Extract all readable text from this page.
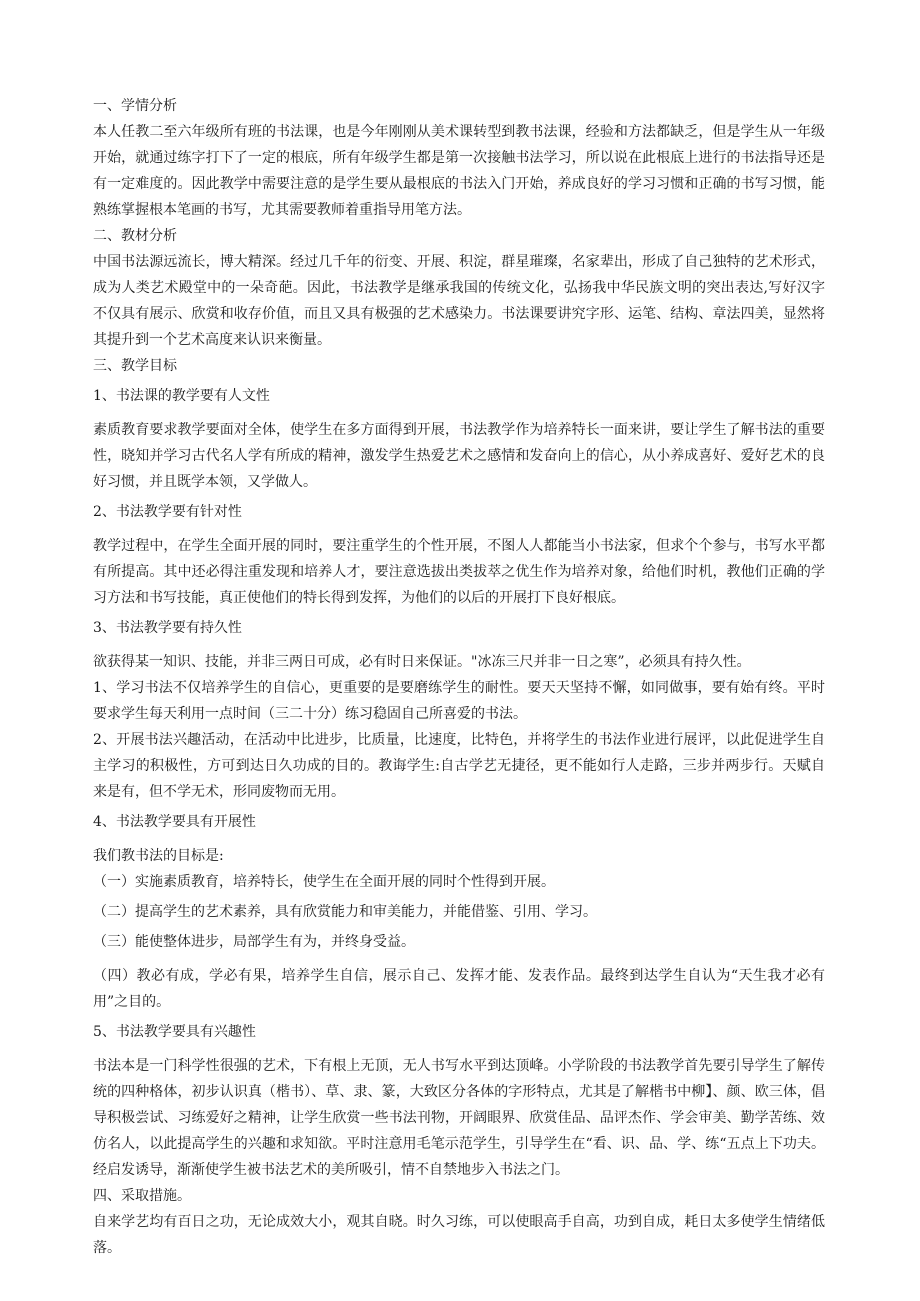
一、学情分析

本人任教二至六年级所有班的书法课，也是今年刚刚从美术课转型到教书法课，经验和方法都缺乏，但是学生从一年级开始，就通过练字打下了一定的根底，所有年级学生都是第一次接触书法学习，所以说在此根底上进行的书法指导还是有一定难度的。因此教学中需要注意的是学生要从最根底的书法入门开始，养成良好的学习习惯和正确的书写习惯，能熟练掌握根本笔画的书写，尤其需要教师着重指导用笔方法。

二、教材分析

中国书法源远流长，博大精深。经过几千年的衍变、开展、积淀，群星璀璨，名家辈出，形成了自己独特的艺术形式，成为人类艺术殿堂中的一朵奇葩。因此，书法教学是继承我国的传统文化，弘扬我中华民族文明的突出表达,写好汉字不仅具有展示、欣赏和收存价值，而且又具有极强的艺术感染力。书法课要讲究字形、运笔、结构、章法四美，显然将其提升到一个艺术高度来认识来衡量。

三、教学目标

1、书法课的教学要有人文性

素质教育要求教学要面对全体，使学生在多方面得到开展，书法教学作为培养特长一面来讲，要让学生了解书法的重要性，晓知并学习古代名人学有所成的精神，激发学生热爱艺术之感情和发奋向上的信心，从小养成喜好、爱好艺术的良好习惯，并且既学本领，又学做人。

2、书法教学要有针对性

教学过程中，在学生全面开展的同时，要注重学生的个性开展，不图人人都能当小书法家，但求个个参与，书写水平都有所提高。其中还必得注重发现和培养人才，要注意选拔出类拔萃之优生作为培养对象，给他们时机，教他们正确的学习方法和书写技能，真正使他们的特长得到发挥，为他们的以后的开展打下良好根底。

3、书法教学要有持久性

欲获得某一知识、技能，并非三两日可成，必有时日来保证。"冰冻三尺并非一日之寒”，必须具有持久性。

1、学习书法不仅培养学生的自信心，更重要的是要磨练学生的耐性。要天天坚持不懈，如同做事，要有始有终。平时要求学生每天利用一点时间（三二十分）练习稳固自己所喜爱的书法。

2、开展书法兴趣活动，在活动中比进步，比质量，比速度，比特色，并将学生的书法作业进行展评，以此促进学生自主学习的积极性，方可到达日久功成的目的。教诲学生:自古学艺无捷径，更不能如行人走路，三步并两步行。天赋自来是有，但不学无术，形同废物而无用。

4、书法教学要具有开展性

我们教书法的目标是:

（一）实施素质教育，培养特长，使学生在全面开展的同时个性得到开展。

（二）提高学生的艺术素养，具有欣赏能力和审美能力，并能借鉴、引用、学习。

（三）能使整体进步，局部学生有为，并终身受益。

（四）教必有成，学必有果，培养学生自信，展示自己、发挥才能、发表作品。最终到达学生自认为“天生我才必有用”之目的。

5、书法教学要具有兴趣性

书法本是一门科学性很强的艺术，下有根上无顶，无人书写水平到达顶峰。小学阶段的书法教学首先要引导学生了解传统的四种格体，初步认识真（楷书）、草、隶、篆，大致区分各体的字形特点，尤其是了解楷书中柳】、颜、欧三体，倡导积极尝试、习练爱好之精神，让学生欣赏一些书法刊物，开阔眼界、欣赏佳品、品评杰作、学会审美、勤学苦练、效仿名人，以此提高学生的兴趣和求知欲。平时注意用毛笔示范学生，引导学生在“看、识、品、学、练“五点上下功夫。经启发诱导，渐渐使学生被书法艺术的美所吸引，情不自禁地步入书法之门。

四、采取措施。

自来学艺均有百日之功，无论成效大小，观其自晓。时久习练，可以使眼高手自高，功到自成，耗日太多使学生情绪低落。
